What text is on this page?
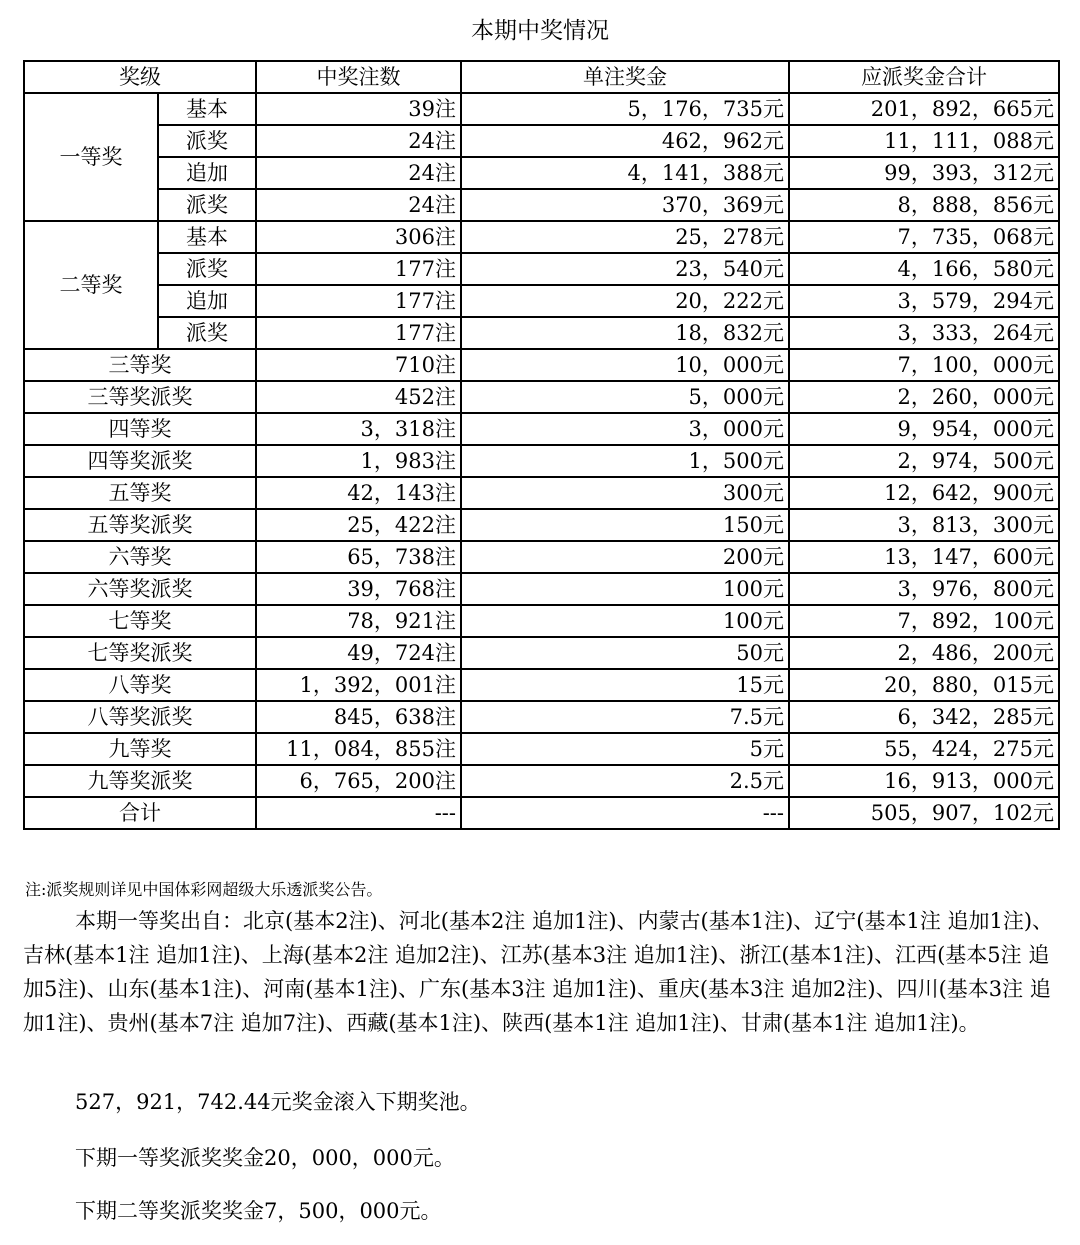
本期中奖情况
奖级		中奖注数	单注奖金	应派奖金合计
一等奖	基本	39注	5，176，735元	201，892，665元
	派奖	24注	462，962元	11，111，088元
	追加	24注	4，141，388元	99，393，312元
	派奖	24注	370，369元	8，888，856元
二等奖	基本	306注	25，278元	7，735，068元
	派奖	177注	23，540元	4，166，580元
	追加	177注	20，222元	3，579，294元
	派奖	177注	18，832元	3，333，264元
三等奖		710注	10，000元	7，100，000元
三等奖派奖		452注	5，000元	2，260，000元
四等奖		3，318注	3，000元	9，954，000元
四等奖派奖		1，983注	1，500元	2，974，500元
五等奖		42，143注	300元	12，642，900元
五等奖派奖		25，422注	150元	3，813，300元
六等奖		65，738注	200元	13，147，600元
六等奖派奖		39，768注	100元	3，976，800元
七等奖		78，921注	100元	7，892，100元
七等奖派奖		49，724注	50元	2，486，200元
八等奖		1，392，001注	15元	20，880，015元
八等奖派奖		845，638注	7.5元	6，342，285元
九等奖		11，084，855注	5元	55，424，275元
九等奖派奖		6，765，200注	2.5元	16，913，000元
合计		---	---	505，907，102元
注:派奖规则详见中国体彩网超级大乐透派奖公告。
本期一等奖出自：北京(基本2注)、河北(基本2注 追加1注)、内蒙古(基本1注)、辽宁(基本1注 追加1注)、吉林(基本1注 追加1注)、上海(基本2注 追加2注)、江苏(基本3注 追加1注)、浙江(基本1注)、江西(基本5注 追加5注)、山东(基本1注)、河南(基本1注)、广东(基本3注 追加1注)、重庆(基本3注 追加2注)、四川(基本3注 追加1注)、贵州(基本7注 追加7注)、西藏(基本1注)、陕西(基本1注 追加1注)、甘肃(基本1注 追加1注)。
527，921，742.44元奖金滚入下期奖池。
下期一等奖派奖奖金20，000，000元。
下期二等奖派奖奖金7，500，000元。
